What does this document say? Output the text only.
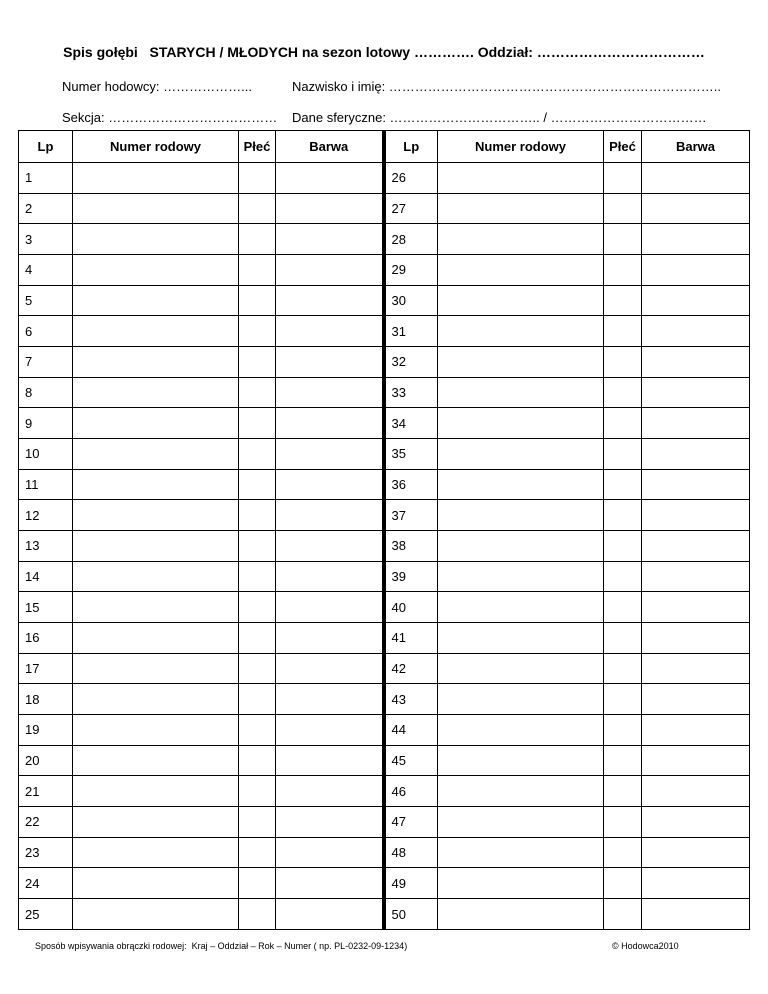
Spis gołębi   STARYCH / MŁODYCH na sezon lotowy …………. Oddział: ………………………………
Numer hodowcy: ………………...	Nazwisko i imię: …………………………………………………………………..
Sekcja: ………………………………… Dane sferyczne: …………………………….. / ………………………………
Lp	Numer rodowy	Płeć	Barwa	Lp	Numer rodowy	Płeć	Barwa
1				26			
2				27			
3				28			
4				29			
5				30			
6				31			
7				32			
8				33			
9				34			
10				35			
11				36			
12				37			
13				38			
14				39			
15				40			
16				41			
17				42			
18				43			
19				44			
20				45			
21				46			
22				47			
23				48			
24				49			
25				50			
Sposób wpisywania obrączki rodowej:  Kraj – Oddział – Rok – Numer ( np. PL-0232-09-1234)	© Hodowca2010
